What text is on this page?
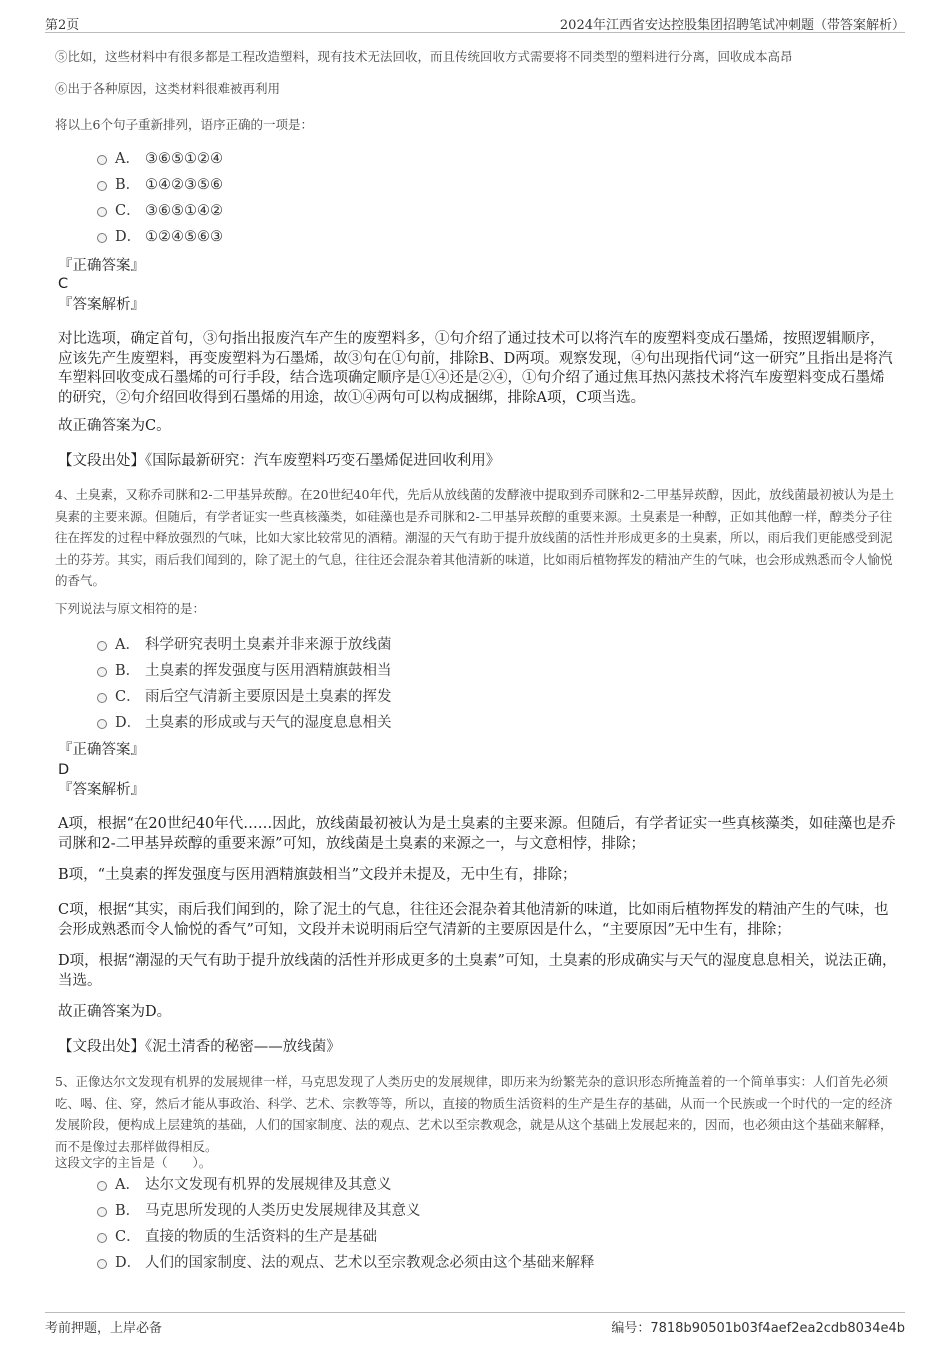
第2页	2024年江西省安达控股集团招聘笔试冲刺题（带答案解析）

⑤比如，这些材料中有很多都是工程改造塑料，现有技术无法回收，而且传统回收方式需要将不同类型的塑料进行分离，回收成本高昂

⑥出于各种原因，这类材料很难被再利用

将以上6个句子重新排列，语序正确的一项是：

A． ③⑥⑤①②④
B． ①④②③⑤⑥
C． ③⑥⑤①④②
D． ①②④⑤⑥③
『正确答案』
C
『答案解析』

对比选项，确定首句，③句指出报废汽车产生的废塑料多，①句介绍了通过技术可以将汽车的废塑料变成石墨烯，按照逻辑顺序，应该先产生废塑料，再变废塑料为石墨烯，故③句在①句前，排除B、D两项。观察发现，④句出现指代词“这一研究”且指出是将汽车塑料回收变成石墨烯的可行手段，结合选项确定顺序是①④还是②④，①句介绍了通过焦耳热闪蒸技术将汽车废塑料变成石墨烯的研究，②句介绍回收得到石墨烯的用途，故①④两句可以构成捆绑，排除A项，C项当选。

故正确答案为C。

【文段出处】《国际最新研究：汽车废塑料巧变石墨烯促进回收利用》

4、土臭素，又称乔司脒和2-二甲基异莰醇。在20世纪40年代，先后从放线菌的发酵液中提取到乔司脒和2-二甲基异莰醇，因此，放线菌最初被认为是土臭素的主要来源。但随后，有学者证实一些真核藻类，如硅藻也是乔司脒和2-二甲基异莰醇的重要来源。土臭素是一种醇，正如其他醇一样，醇类分子往往在挥发的过程中释放强烈的气味，比如大家比较常见的酒精。潮湿的天气有助于提升放线菌的活性并形成更多的土臭素，所以，雨后我们更能感受到泥土的芬芳。其实，雨后我们闻到的，除了泥土的气息，往往还会混杂着其他清新的味道，比如雨后植物挥发的精油产生的气味，也会形成熟悉而令人愉悦的香气。

下列说法与原文相符的是：

A． 科学研究表明土臭素并非来源于放线菌
B． 土臭素的挥发强度与医用酒精旗鼓相当
C． 雨后空气清新主要原因是土臭素的挥发
D． 土臭素的形成或与天气的湿度息息相关
『正确答案』
D
『答案解析』

A项，根据“在20世纪40年代……因此，放线菌最初被认为是土臭素的主要来源。但随后，有学者证实一些真核藻类，如硅藻也是乔司脒和2-二甲基异莰醇的重要来源”可知，放线菌是土臭素的来源之一，与文意相悖，排除；

B项，“土臭素的挥发强度与医用酒精旗鼓相当”文段并未提及，无中生有，排除；

C项，根据“其实，雨后我们闻到的，除了泥土的气息，往往还会混杂着其他清新的味道，比如雨后植物挥发的精油产生的气味，也会形成熟悉而令人愉悦的香气”可知，文段并未说明雨后空气清新的主要原因是什么，“主要原因”无中生有，排除；

D项，根据“潮湿的天气有助于提升放线菌的活性并形成更多的土臭素”可知，土臭素的形成确实与天气的湿度息息相关，说法正确，当选。

故正确答案为D。

【文段出处】《泥土清香的秘密——放线菌》

5、正像达尔文发现有机界的发展规律一样，马克思发现了人类历史的发展规律，即历来为纷繁芜杂的意识形态所掩盖着的一个简单事实：人们首先必须吃、喝、住、穿，然后才能从事政治、科学、艺术、宗教等等，所以，直接的物质生活资料的生产是生存的基础，从而一个民族或一个时代的一定的经济发展阶段，便构成上层建筑的基础，人们的国家制度、法的观点、艺术以至宗教观念，就是从这个基础上发展起来的，因而，也必须由这个基础来解释，而不是像过去那样做得相反。

这段文字的主旨是（　　）。

A． 达尔文发现有机界的发展规律及其意义
B． 马克思所发现的人类历史发展规律及其意义
C． 直接的物质的生活资料的生产是基础
D． 人们的国家制度、法的观点、艺术以至宗教观念必须由这个基础来解释
考前押题，上岸必备	编号：7818b90501b03f4aef2ea2cdb8034e4b
